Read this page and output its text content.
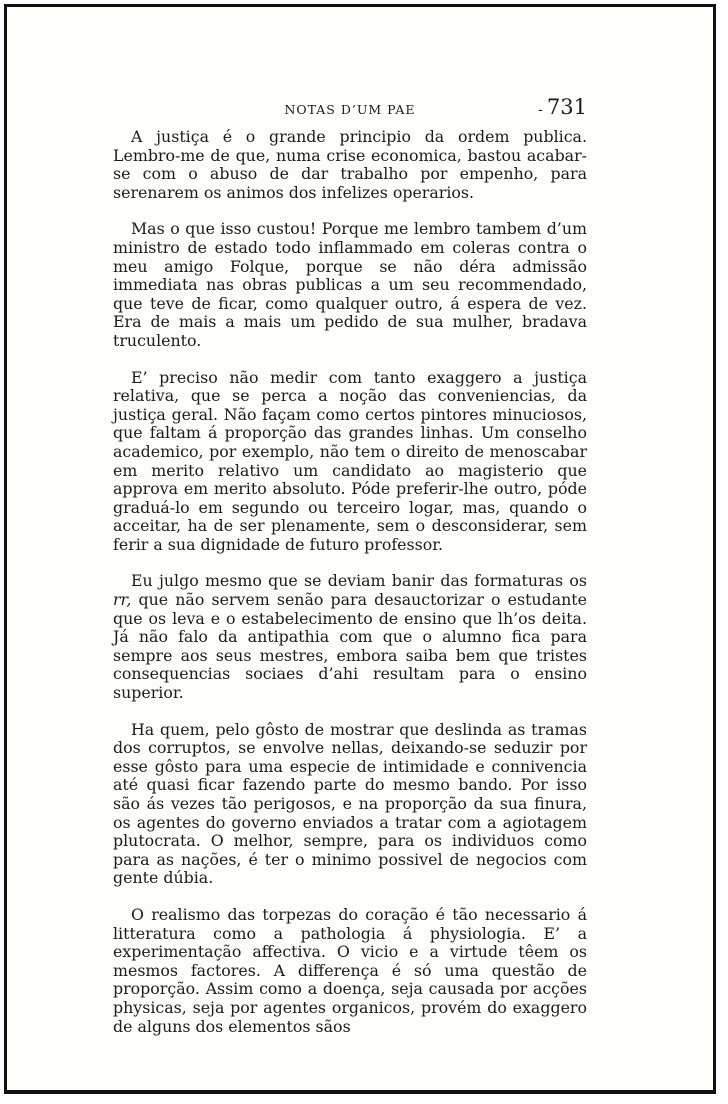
NOTAS D’UM PAE	- 731

A justiça é o grande principio da ordem publica. Lembro-me de que, numa crise economica, bastou acabar-se com o abuso de dar trabalho por empenho, para serenarem os animos dos infelizes operarios.

Mas o que isso custou! Porque me lembro tambem d’um ministro de estado todo inflammado em coleras contra o meu amigo Folque, porque se não déra admissão immediata nas obras publicas a um seu recommendado, que teve de ficar, como qualquer outro, á espera de vez. Era de mais a mais um pedido de sua mulher, bradava truculento.

E’ preciso não medir com tanto exaggero a justiça relativa, que se perca a noção das conveniencias, da justiça geral. Não façam como certos pintores minuciosos, que faltam á proporção das grandes linhas. Um conselho academico, por exemplo, não tem o direito de menoscabar em merito relativo um candidato ao magisterio que approva em merito absoluto. Póde preferir-lhe outro, póde graduá-lo em segundo ou terceiro logar, mas, quando o acceitar, ha de ser plenamente, sem o desconsiderar, sem ferir a sua dignidade de futuro professor.

Eu julgo mesmo que se deviam banir das formaturas os rr, que não servem senão para desauctorizar o estudante que os leva e o estabelecimento de ensino que lh’os deita. Já não falo da antipathia com que o alumno fica para sempre aos seus mestres, embora saiba bem que tristes consequencias sociaes d’ahi resultam para o ensino superior.

Ha quem, pelo gôsto de mostrar que deslinda as tramas dos corruptos, se envolve nellas, deixando-se seduzir por esse gôsto para uma especie de intimidade e connivencia até quasi ficar fazendo parte do mesmo bando. Por isso são ás vezes tão perigosos, e na proporção da sua finura, os agentes do governo enviados a tratar com a agiotagem plutocrata. O melhor, sempre, para os individuos como para as nações, é ter o minimo possivel de negocios com gente dúbia.

O realismo das torpezas do coração é tão necessario á litteratura como a pathologia á physiologia. E’ a experimentação affectiva. O vicio e a virtude têem os mesmos factores. A differença é só uma questão de proporção. Assim como a doença, seja causada por acções physicas, seja por agentes organicos, provém do exaggero de alguns dos elementos sãos
